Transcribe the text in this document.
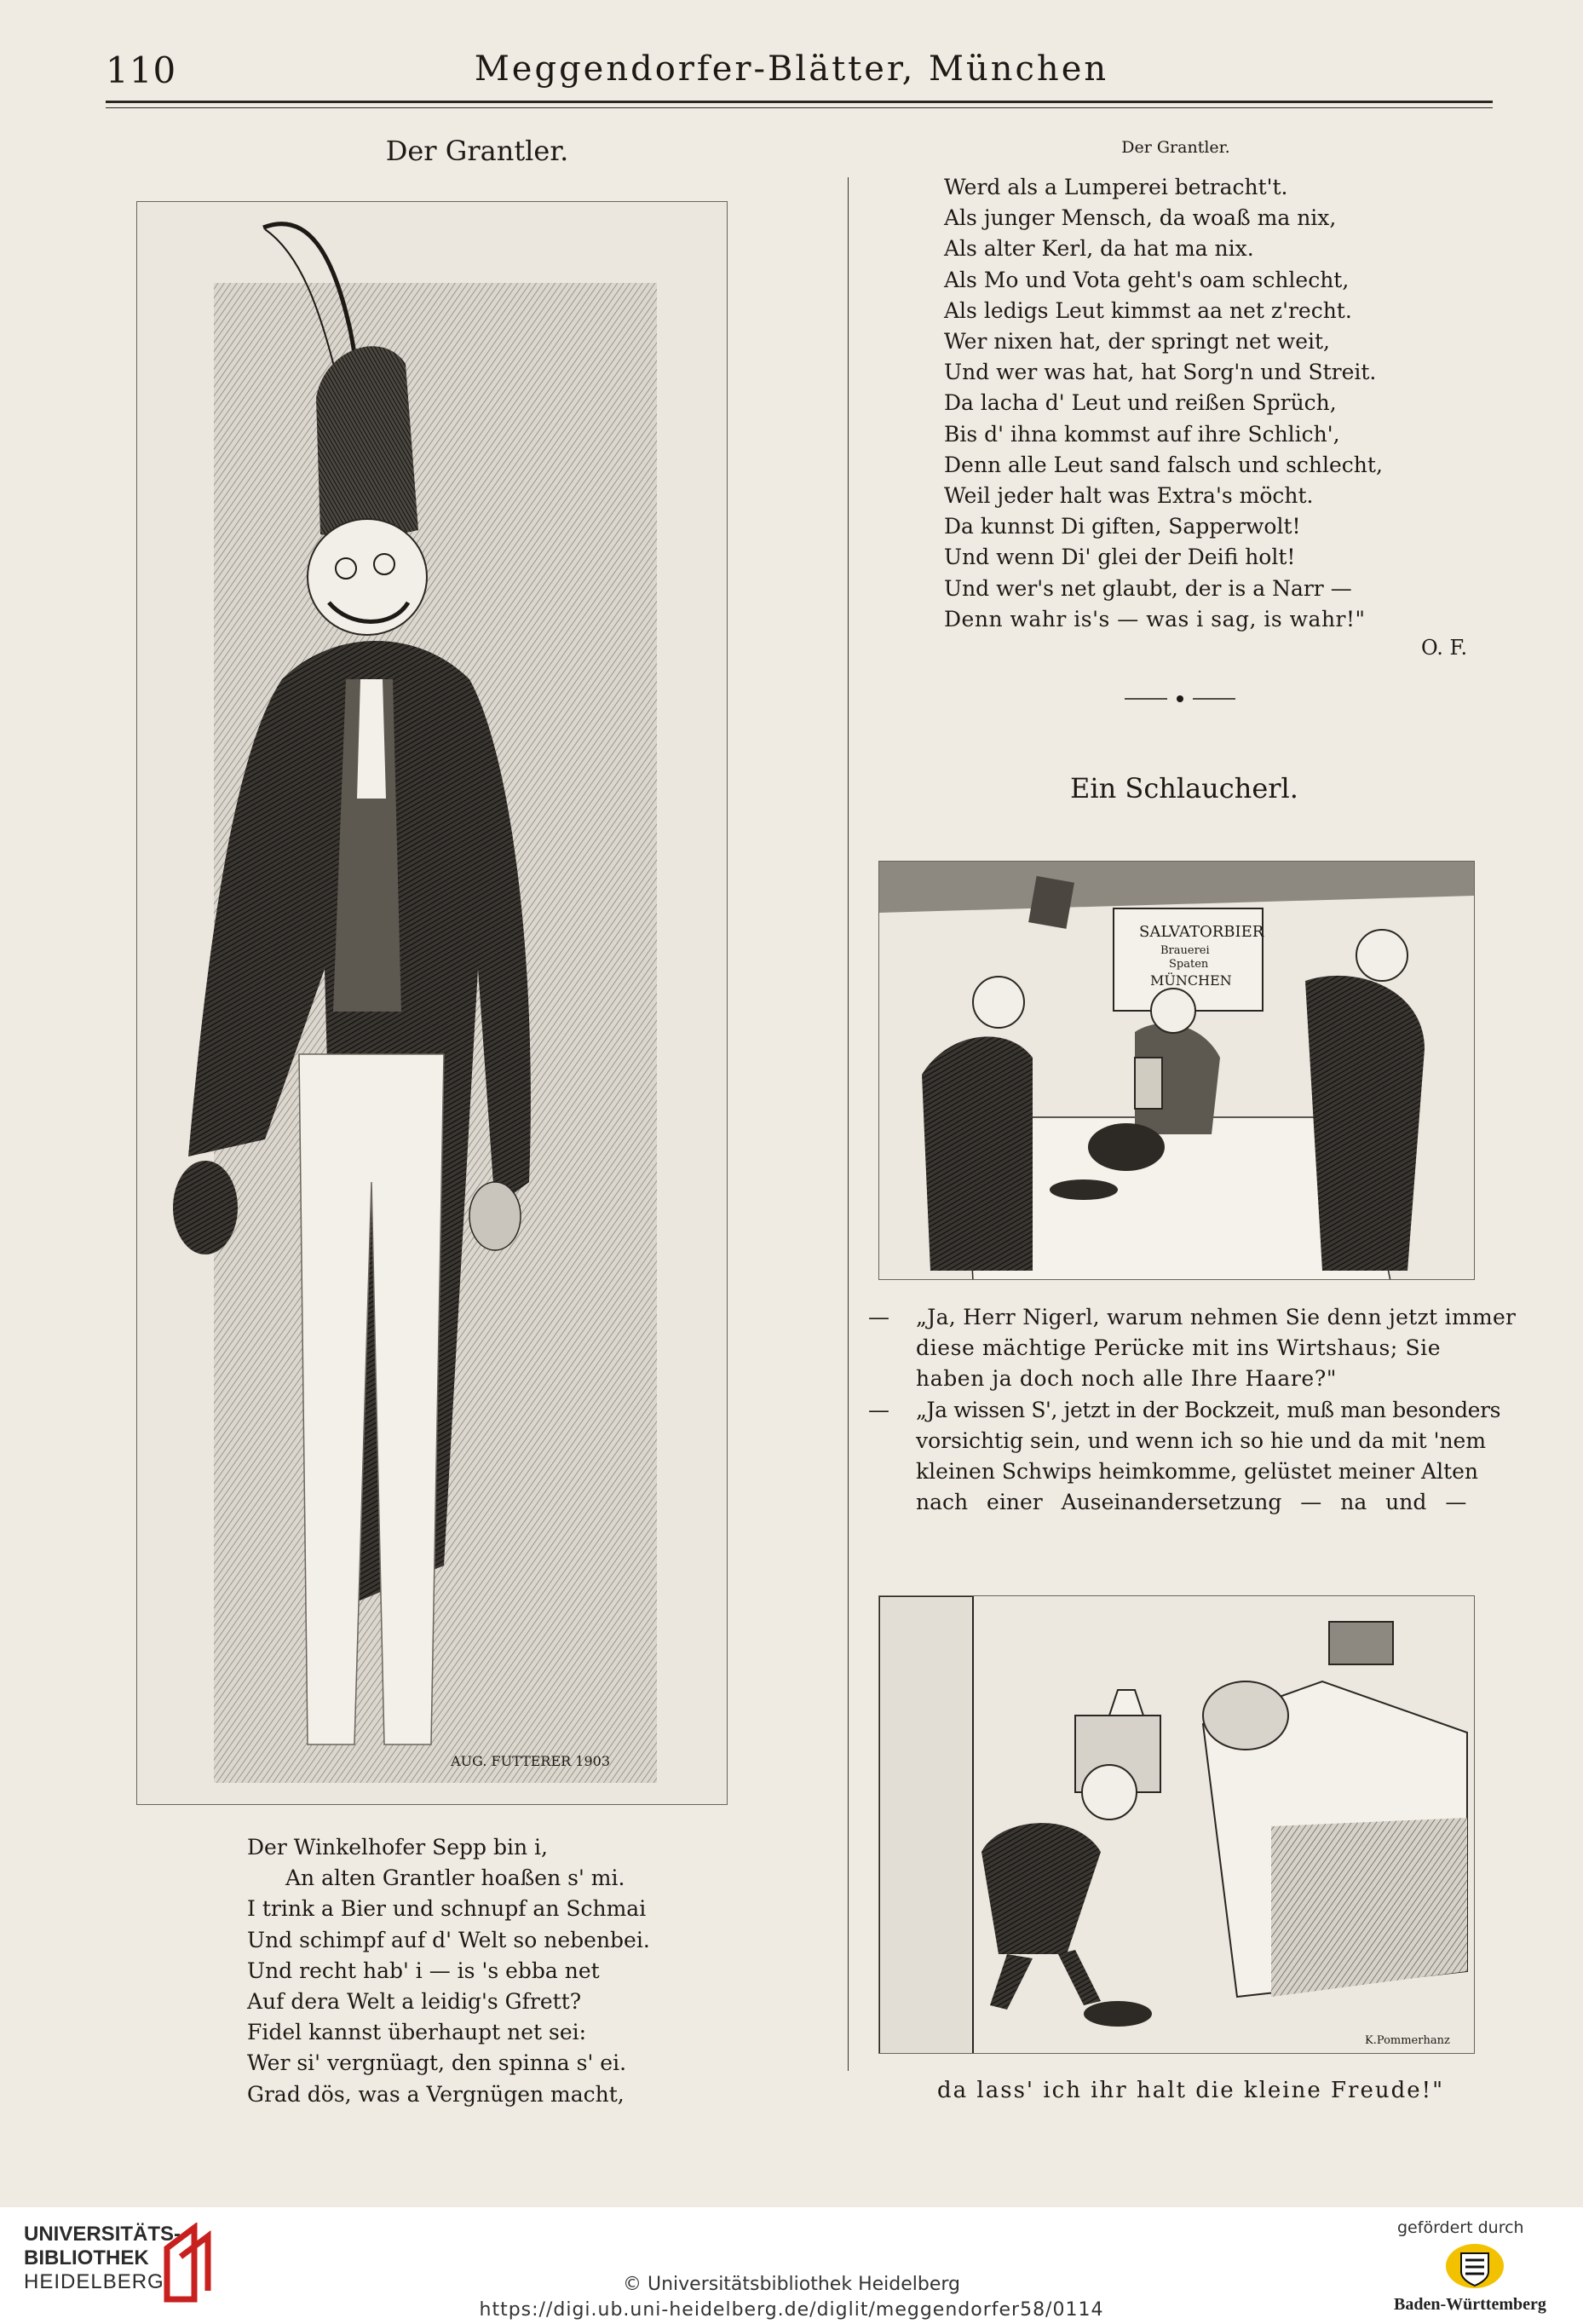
110	Meggendorfer-Blätter, München
Der Grantler.
AUG. FUTTERER 1903
Der Winkelhofer Sepp bin i,
An alten Grantler hoaßen s' mi.
I trink a Bier und schnupf an Schmai
Und schimpf auf d' Welt so nebenbei.
Und recht hab' i — is 's ebba net
Auf dera Welt a leidig's Gfrett?
Fidel kannst überhaupt net sei:
Wer si' vergnüagt, den spinna s' ei.
Grad dös, was a Vergnügen macht,
Der Grantler.
Werd als a Lumperei betracht't.
Als junger Mensch, da woaß ma nix,
Als alter Kerl, da hat ma nix.
Als Mo und Vota geht's oam schlecht,
Als ledigs Leut kimmst aa net z'recht.
Wer nixen hat, der springt net weit,
Und wer was hat, hat Sorg'n und Streit.
Da lacha d' Leut und reißen Sprüch,
Bis d' ihna kommst auf ihre Schlich',
Denn alle Leut sand falsch und schlecht,
Weil jeder halt was Extra's möcht.
Da kunnst Di giften, Sapperwolt!
Und wenn Di' glei der Deifi holt!
Und wer's net glaubt, der is a Narr —
Denn wahr is's — was i sag, is wahr!"
O. F.
Ein Schlaucherl.
SALVATORBIER
Brauerei
Spaten
MÜNCHEN
— „Ja, Herr Nigerl, warum nehmen Sie denn jetzt immer
diese mächtige Perücke mit ins Wirtshaus; Sie
haben ja doch noch alle Ihre Haare?"
— „Ja wissen S', jetzt in der Bockzeit, muß man besonders
vorsichtig sein, und wenn ich so hie und da mit 'nem
kleinen Schwips heimkomme, gelüstet meiner Alten
nach einer Auseinandersetzung — na und —
K.Pommerhanz
da lass' ich ihr halt die kleine Freude!"
UNIVERSITÄTS-
BIBLIOTHEK
HEIDELBERG	© Universitätsbibliothek Heidelberg
https://digi.ub.uni-heidelberg.de/diglit/meggendorfer58/0114
gefördert durch
Baden-Württemberg
